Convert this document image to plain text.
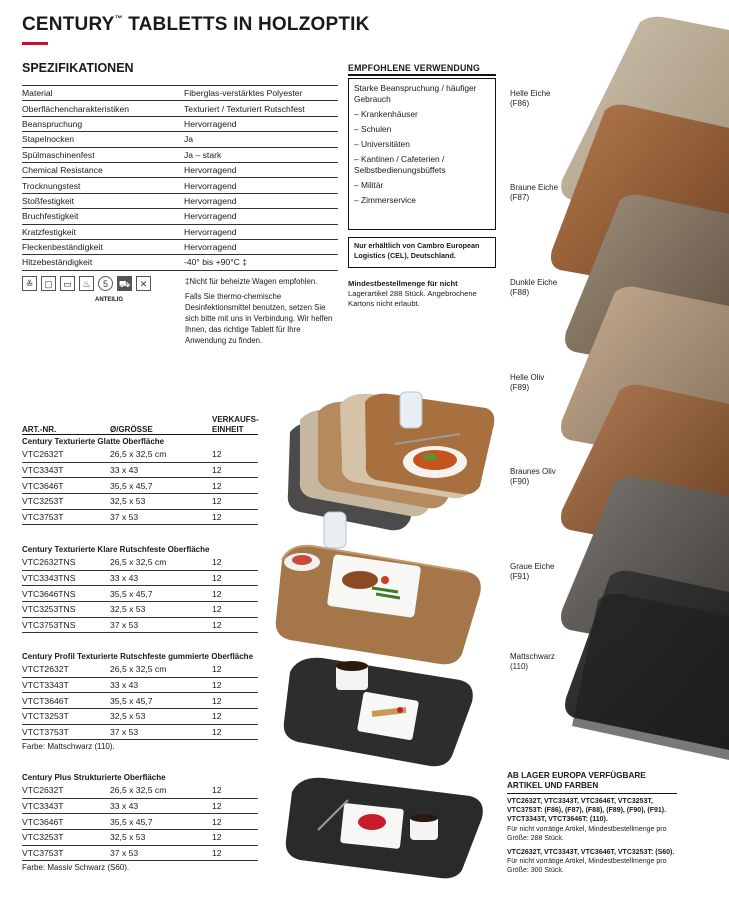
CENTURY™ TABLETTS IN HOLZOPTIK
SPEZIFIKATIONEN
Material	Fiberglas-verstärktes Polyester
Oberflächencharakteristiken	Texturiert / Texturiert Rutschfest
Beanspruchung	Hervorragend
Stapelnocken	Ja
Spülmaschinenfest	Ja – stark
Chemical Resistance	Hervorragend
Trocknungstest	Hervorragend
Stoßfestigkeit	Hervorragend
Bruchfestigkeit	Hervorragend
Kratzfestigkeit	Hervorragend
Fleckenbeständigkeit	Hervorragend
Hitzebeständigkeit	-40° bis +90°C ‡
≚	▢	▭	♨	5	⛟	✕
ANTEILIG
‡Nicht für beheizte Wagen empfohlen.
Falls Sie thermo-chemische Desinfektionsmittel benutzen, setzen Sie sich bitte mit uns in Verbindung. Wir helfen Ihnen, das richtige Tablett für Ihre Anwendung zu finden.
EMPFOHLENE VERWENDUNG
Starke Beanspruchung / häufiger Gebrauch
– Krankenhäuser
– Schulen
– Universitäten
– Kantinen / Cafeterien / Selbstbedienungsbüffets
– Militär
– Zimmerservice
Nur erhältlich von Cambro European Logistics (CEL), Deutschland.
Mindestbestellmenge für nicht
Lagerartikel 288 Stück. Angebrochene Kartons nicht erlaubt.
ART.-NR.	Ø/GRÖSSE
VERKAUFS-
EINHEIT
Century Texturierte Glatte Oberfläche
VTC2632T	26,5 x 32,5 cm	12
VTC3343T	33 x 43	12
VTC3646T	35,5 x 45,7	12
VTC3253T	32,5 x 53	12
VTC3753T	37 x 53	12
Century Texturierte Klare Rutschfeste Oberfläche
VTC2632TNS	26,5 x 32,5 cm	12
VTC3343TNS	33 x 43	12
VTC3646TNS	35,5 x 45,7	12
VTC3253TNS	32,5 x 53	12
VTC3753TNS	37 x 53	12
Century Profil Texturierte Rutschfeste gummierte Oberfläche
VTCT2632T	26,5 x 32,5 cm	12
VTCT3343T	33 x 43	12
VTCT3646T	35,5 x 45,7	12
VTCT3253T	32,5 x 53	12
VTCT3753T	37 x 53	12
Farbe: Mattschwarz (110).
Century Plus Strukturierte Oberfläche
VTC2632T	26,5 x 32,5 cm	12
VTC3343T	33 x 43	12
VTC3646T	35,5 x 45,7	12
VTC3253T	32,5 x 53	12
VTC3753T	37 x 53	12
Farbe: Massiv Schwarz (S60).
Helle Eiche
(F86)
Braune Eiche
(F87)
Dunkle Eiche
(F88)
Helle Oliv
(F89)
Braunes Oliv
(F90)
Graue Eiche
(F91)
Mattschwarz
(110)
AB LAGER EUROPA VERFÜGBARE ARTIKEL UND FARBEN
VTC2632T, VTC3343T, VTC3646T, VTC3253T, VTC3753T: (F86), (F87), (F88), (F89), (F90), (F91). VTCT3343T, VTCT3646T: (110).
Für nicht vorrätige Artikel, Mindestbestellmenge pro Größe: 288 Stück.
VTC2632T, VTC3343T, VTC3646T, VTC3253T: (S60).
Für nicht vorrätige Artikel, Mindestbestellmenge pro Größe: 300 Stück.
